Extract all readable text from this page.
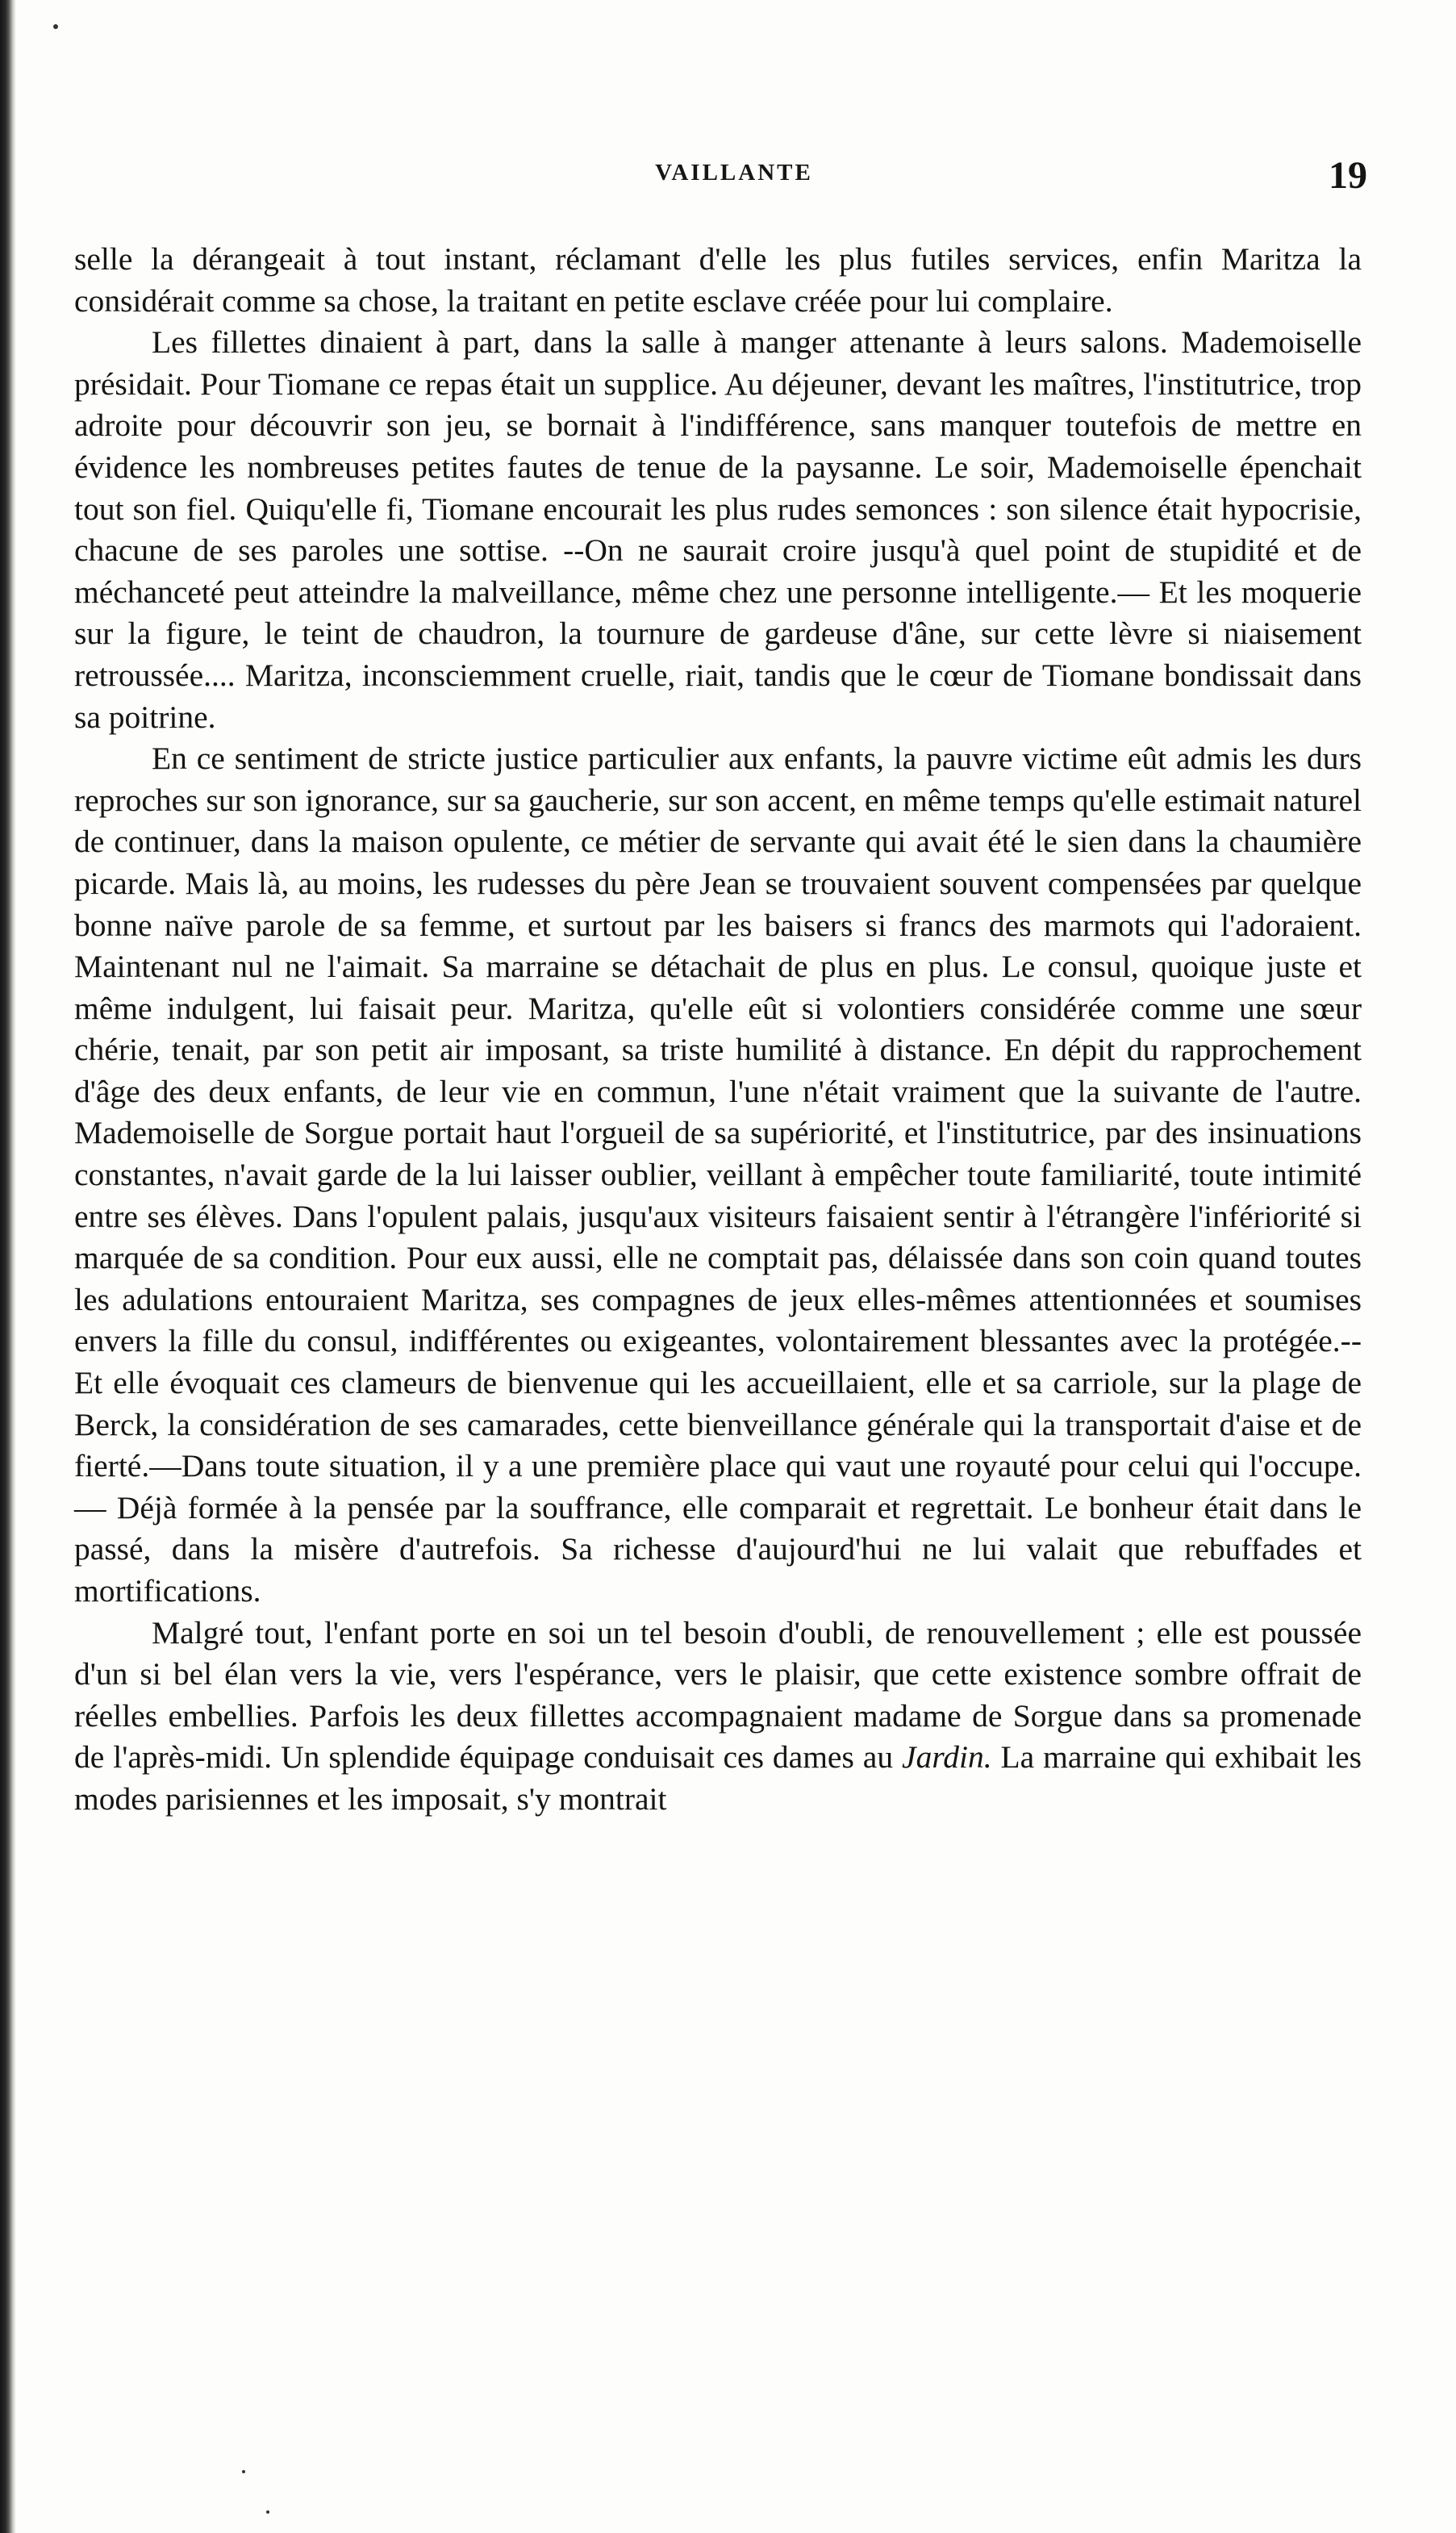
VAILLANTE	19

selle la dérangeait à tout instant, réclamant d'elle les plus futiles services, enfin Maritza la considérait comme sa chose, la traitant en petite esclave créée pour lui complaire.

Les fillettes dinaient à part, dans la salle à manger attenante à leurs salons. Mademoiselle présidait. Pour Tiomane ce repas était un supplice. Au déjeuner, devant les maîtres, l'institutrice, trop adroite pour découvrir son jeu, se bornait à l'indifférence, sans manquer toutefois de mettre en évidence les nombreuses petites fautes de tenue de la paysanne. Le soir, Mademoiselle épenchait tout son fiel. Quiqu'elle fi, Tiomane encourait les plus rudes semonces : son silence était hypocrisie, chacune de ses paroles une sottise. --On ne saurait croire jusqu'à quel point de stupidité et de méchanceté peut atteindre la malveillance, même chez une personne intelligente.— Et les moquerie sur la figure, le teint de chaudron, la tournure de gardeuse d'âne, sur cette lèvre si niaisement retroussée.... Maritza, inconsciemment cruelle, riait, tandis que le cœur de Tiomane bondissait dans sa poitrine.

En ce sentiment de stricte justice particulier aux enfants, la pauvre victime eût admis les durs reproches sur son ignorance, sur sa gaucherie, sur son accent, en même temps qu'elle estimait naturel de continuer, dans la maison opulente, ce métier de servante qui avait été le sien dans la chaumière picarde. Mais là, au moins, les rudesses du père Jean se trouvaient souvent compensées par quelque bonne naïve parole de sa femme, et surtout par les baisers si francs des marmots qui l'adoraient. Maintenant nul ne l'aimait. Sa marraine se détachait de plus en plus. Le consul, quoique juste et même indulgent, lui faisait peur. Maritza, qu'elle eût si volontiers considérée comme une sœur chérie, tenait, par son petit air imposant, sa triste humilité à distance. En dépit du rapprochement d'âge des deux enfants, de leur vie en commun, l'une n'était vraiment que la suivante de l'autre. Mademoiselle de Sorgue portait haut l'orgueil de sa supériorité, et l'institutrice, par des insinuations constantes, n'avait garde de la lui laisser oublier, veillant à empêcher toute familiarité, toute intimité entre ses élèves. Dans l'opulent palais, jusqu'aux visiteurs faisaient sentir à l'étrangère l'infériorité si marquée de sa condition. Pour eux aussi, elle ne comptait pas, délaissée dans son coin quand toutes les adulations entouraient Maritza, ses compagnes de jeux elles-mêmes attentionnées et soumises envers la fille du consul, indifférentes ou exigeantes, volontairement blessantes avec la protégée.-- Et elle évoquait ces clameurs de bienvenue qui les accueillaient, elle et sa carriole, sur la plage de Berck, la considération de ses camarades, cette bienveillance générale qui la transportait d'aise et de fierté.—Dans toute situation, il y a une première place qui vaut une royauté pour celui qui l'occupe.— Déjà formée à la pensée par la souffrance, elle comparait et regrettait. Le bonheur était dans le passé, dans la misère d'autrefois. Sa richesse d'aujourd'hui ne lui valait que rebuffades et mortifications.

Malgré tout, l'enfant porte en soi un tel besoin d'oubli, de renouvellement ; elle est poussée d'un si bel élan vers la vie, vers l'espérance, vers le plaisir, que cette existence sombre offrait de réelles embellies. Parfois les deux fillettes accompagnaient madame de Sorgue dans sa promenade de l'après-midi. Un splendide équipage conduisait ces dames au Jardin. La marraine qui exhibait les modes parisiennes et les imposait, s'y montrait
